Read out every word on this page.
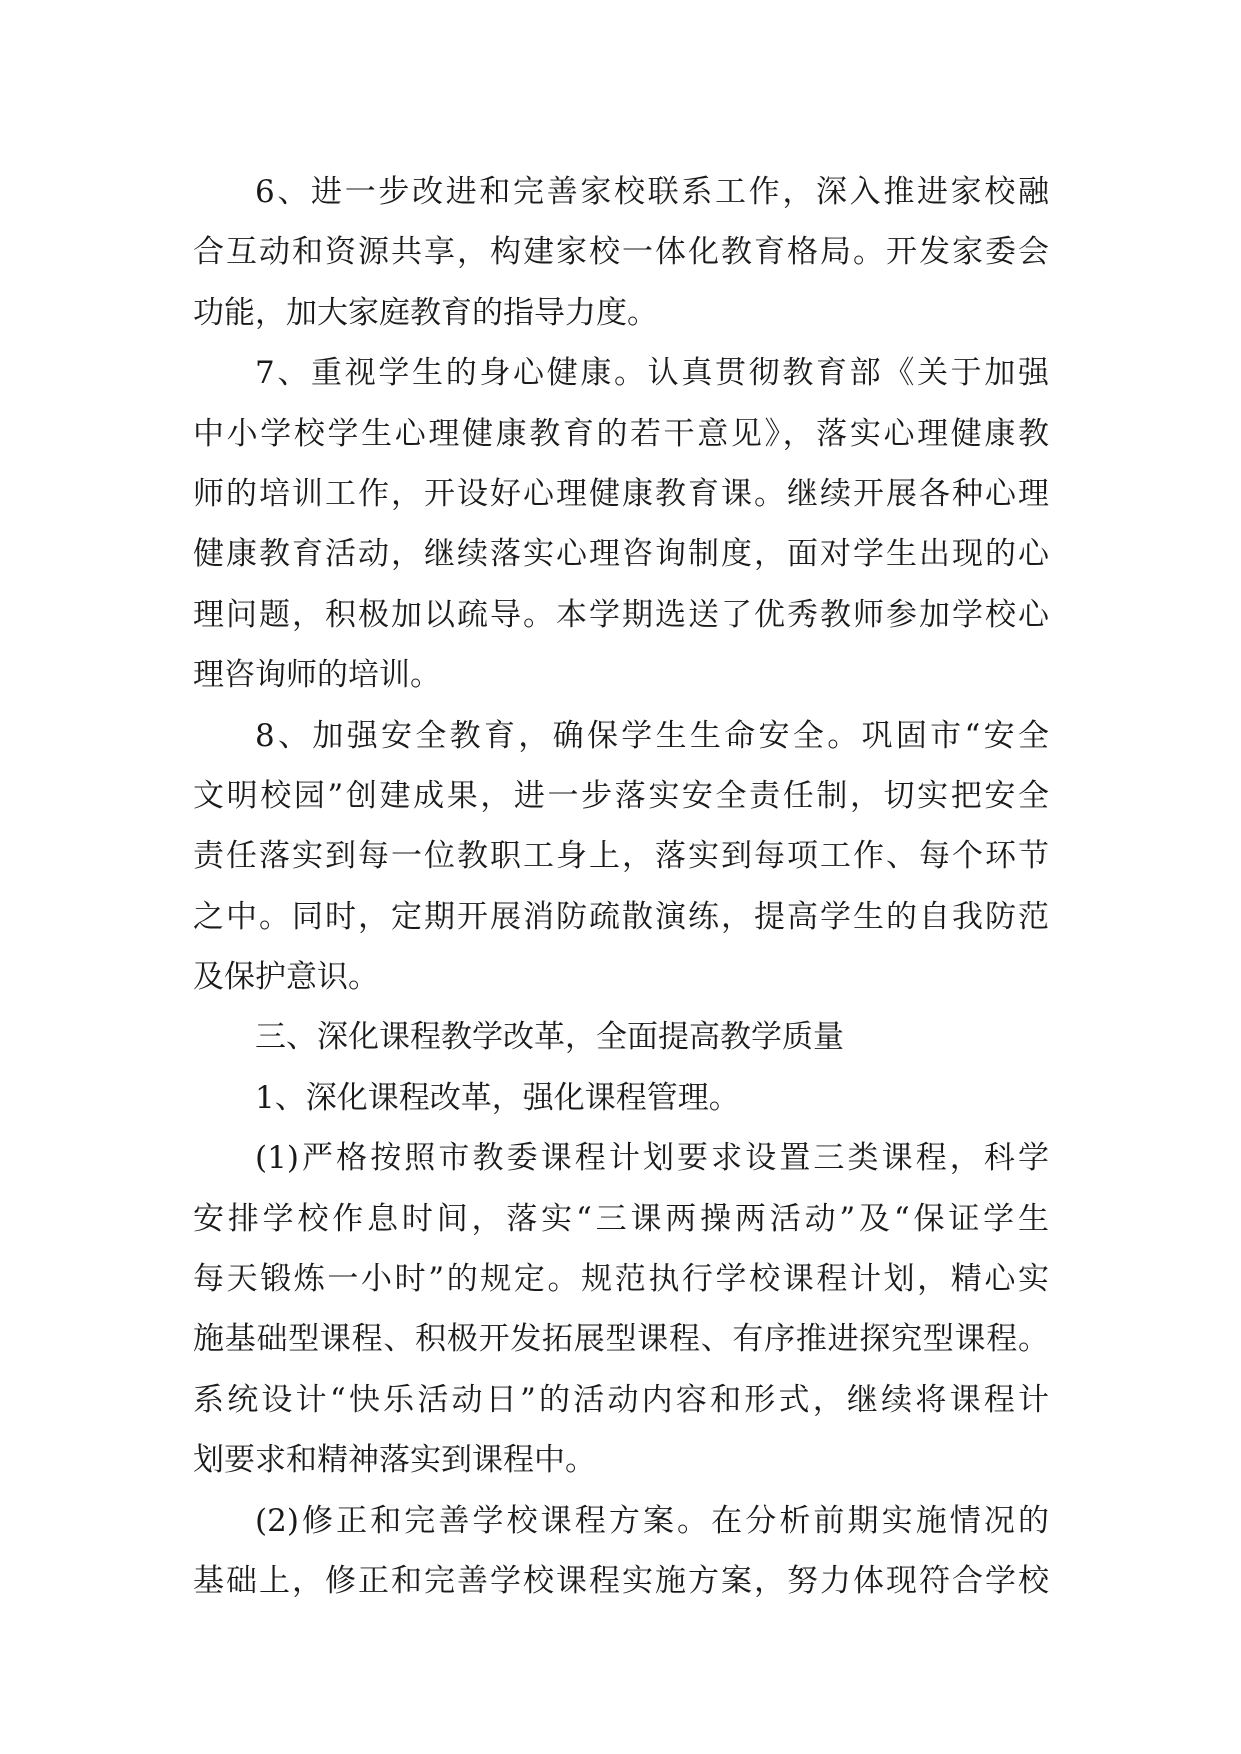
6、进一步改进和完善家校联系工作，深入推进家校融
合互动和资源共享，构建家校一体化教育格局。开发家委会
功能，加大家庭教育的指导力度。
7、重视学生的身心健康。认真贯彻教育部《关于加强
中小学校学生心理健康教育的若干意见》，落实心理健康教
师的培训工作，开设好心理健康教育课。继续开展各种心理
健康教育活动，继续落实心理咨询制度，面对学生出现的心
理问题，积极加以疏导。本学期选送了优秀教师参加学校心
理咨询师的培训。
8、加强安全教育，确保学生生命安全。巩固市“安全
文明校园”创建成果，进一步落实安全责任制，切实把安全
责任落实到每一位教职工身上，落实到每项工作、每个环节
之中。同时，定期开展消防疏散演练，提高学生的自我防范
及保护意识。
三、深化课程教学改革，全面提高教学质量
1、深化课程改革，强化课程管理。
(1)严格按照市教委课程计划要求设置三类课程，科学
安排学校作息时间，落实“三课两操两活动”及“保证学生
每天锻炼一小时”的规定。规范执行学校课程计划，精心实
施基础型课程、积极开发拓展型课程、有序推进探究型课程。
系统设计“快乐活动日”的活动内容和形式，继续将课程计
划要求和精神落实到课程中。
(2)修正和完善学校课程方案。在分析前期实施情况的
基础上，修正和完善学校课程实施方案，努力体现符合学校
